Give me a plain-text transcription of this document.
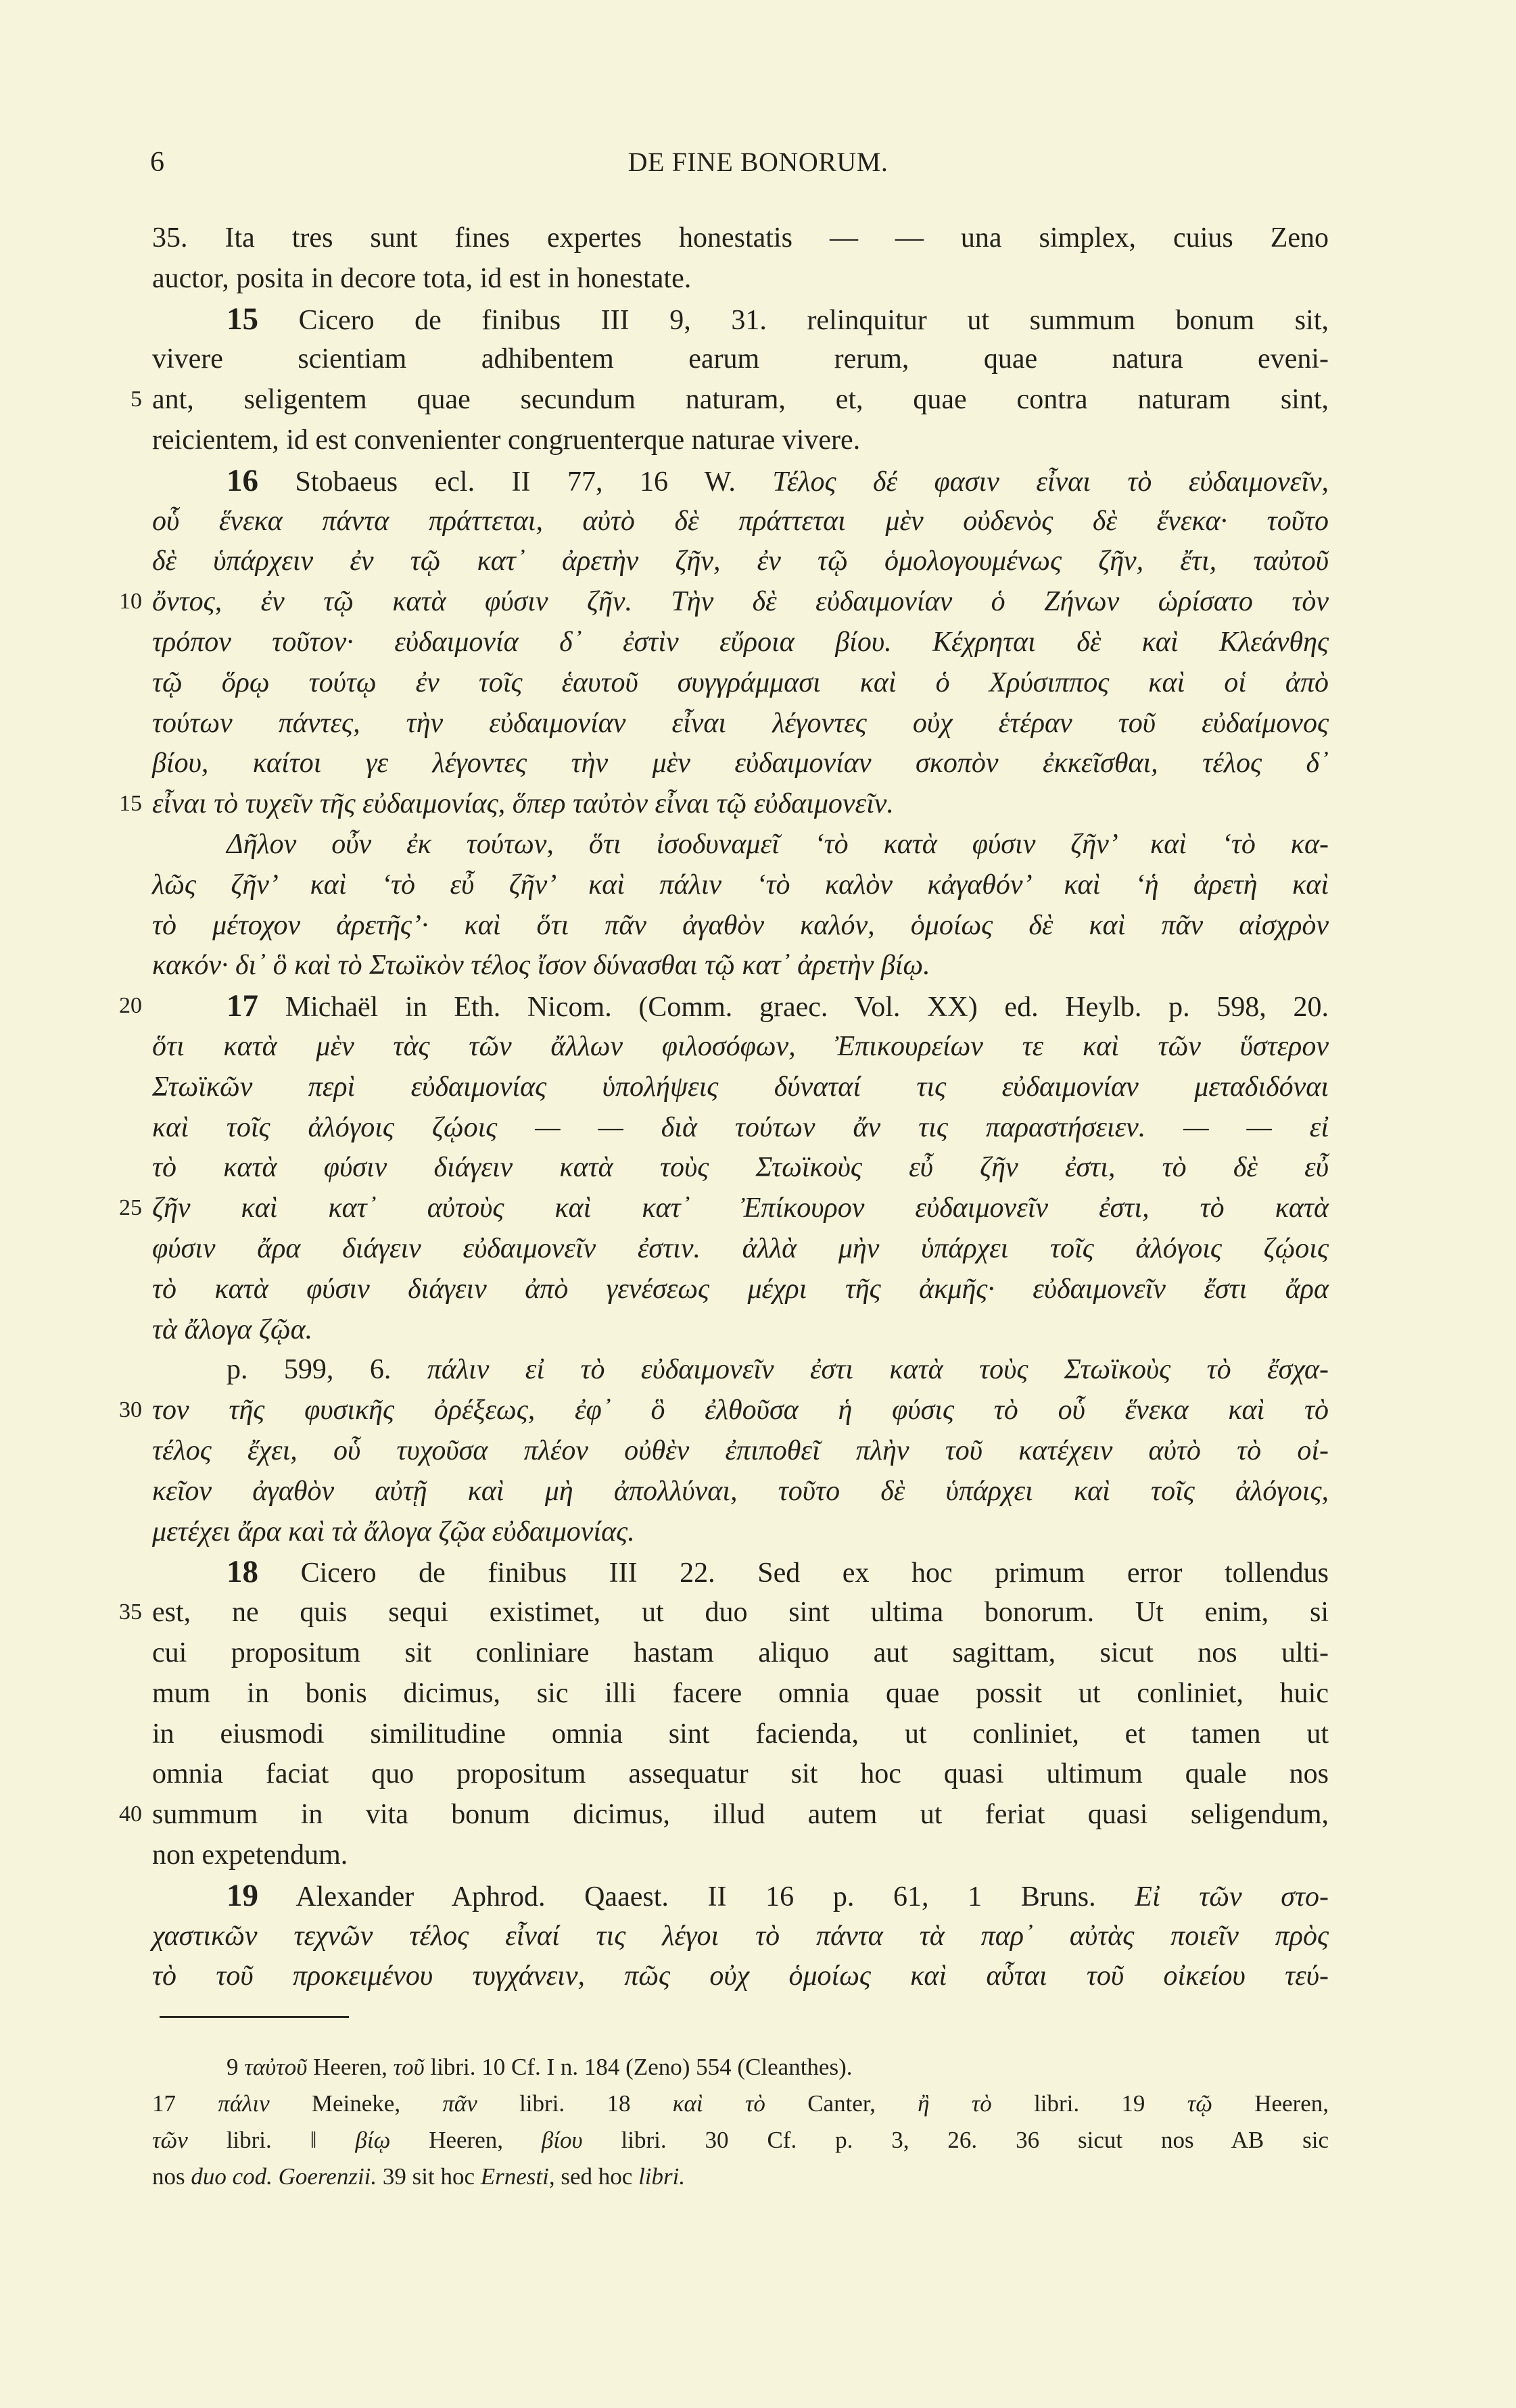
6	DE FINE BONORUM.
35. Ita tres sunt fines expertes honestatis — — una simplex, cuius Zeno
auctor, posita in decore tota, id est in honestate.
15 Cicero de finibus III 9, 31. relinquitur ut summum bonum sit,
vivere scientiam adhibentem earum rerum, quae natura eveni-
ant, seligentem quae secundum naturam, et, quae contra naturam sint,
5
reicientem, id est convenienter congruenterque naturae vivere.
16 Stobaeus ecl. II 77, 16 W. Τέλος δέ φασιν εἶναι τὸ εὐδαιμονεῖν,
οὗ ἕνεκα πάντα πράττεται, αὐτὸ δὲ πράττεται μὲν οὐδενὸς δὲ ἕνεκα· τοῦτο
δὲ ὑπάρχειν ἐν τῷ κατ᾽ ἀρετὴν ζῆν, ἐν τῷ ὁμολογουμένως ζῆν, ἔτι, ταὐτοῦ
ὄντος, ἐν τῷ κατὰ φύσιν ζῆν. Τὴν δὲ εὐδαιμονίαν ὁ Ζήνων ὡρίσατο τὸν
10
τρόπον τοῦτον· εὐδαιμονία δ᾽ ἐστὶν εὔροια βίου. Κέχρηται δὲ καὶ Κλεάνθης
τῷ ὅρῳ τούτῳ ἐν τοῖς ἑαυτοῦ συγγράμμασι καὶ ὁ Χρύσιππος καὶ οἱ ἀπὸ
τούτων πάντες, τὴν εὐδαιμονίαν εἶναι λέγοντες οὐχ ἑτέραν τοῦ εὐδαίμονος
βίου, καίτοι γε λέγοντες τὴν μὲν εὐδαιμονίαν σκοπὸν ἐκκεῖσθαι, τέλος δ᾽
εἶναι τὸ τυχεῖν τῆς εὐδαιμονίας, ὅπερ ταὐτὸν εἶναι τῷ εὐδαιμονεῖν.
15
Δῆλον οὖν ἐκ τούτων, ὅτι ἰσοδυναμεῖ ‘τὸ κατὰ φύσιν ζῆν’ καὶ ‘τὸ κα-
λῶς ζῆν’ καὶ ‘τὸ εὖ ζῆν’ καὶ πάλιν ‘τὸ καλὸν κἀγαθόν’ καὶ ‘ἡ ἀρετὴ καὶ
τὸ μέτοχον ἀρετῆς’· καὶ ὅτι πᾶν ἀγαθὸν καλόν, ὁμοίως δὲ καὶ πᾶν αἰσχρὸν
κακόν· δι᾽ ὃ καὶ τὸ Στωϊκὸν τέλος ἴσον δύνασθαι τῷ κατ᾽ ἀρετὴν βίῳ.
17 Michaël in Eth. Nicom. (Comm. graec. Vol. XX) ed. Heylb. p. 598, 20.
20
ὅτι κατὰ μὲν τὰς τῶν ἄλλων φιλοσόφων, Ἐπικουρείων τε καὶ τῶν ὕστερον
Στωϊκῶν περὶ εὐδαιμονίας ὑπολήψεις δύναταί τις εὐδαιμονίαν μεταδιδόναι
καὶ τοῖς ἀλόγοις ζῴοις — — διὰ τούτων ἄν τις παραστήσειεν. — — εἰ
τὸ κατὰ φύσιν διάγειν κατὰ τοὺς Στωϊκοὺς εὖ ζῆν ἐστι, τὸ δὲ εὖ
ζῆν καὶ κατ᾽ αὐτοὺς καὶ κατ᾽ Ἐπίκουρον εὐδαιμονεῖν ἐστι, τὸ κατὰ
25
φύσιν ἄρα διάγειν εὐδαιμονεῖν ἐστιν. ἀλλὰ μὴν ὑπάρχει τοῖς ἀλόγοις ζῴοις
τὸ κατὰ φύσιν διάγειν ἀπὸ γενέσεως μέχρι τῆς ἀκμῆς· εὐδαιμονεῖν ἔστι ἄρα
τὰ ἄλογα ζῷα.
p. 599, 6. πάλιν εἰ τὸ εὐδαιμονεῖν ἐστι κατὰ τοὺς Στωϊκοὺς τὸ ἔσχα-
τον τῆς φυσικῆς ὀρέξεως, ἐφ᾽ ὃ ἐλθοῦσα ἡ φύσις τὸ οὗ ἕνεκα καὶ τὸ
30
τέλος ἔχει, οὗ τυχοῦσα πλέον οὐθὲν ἐπιποθεῖ πλὴν τοῦ κατέχειν αὐτὸ τὸ οἰ-
κεῖον ἀγαθὸν αὐτῇ καὶ μὴ ἀπολλύναι, τοῦτο δὲ ὑπάρχει καὶ τοῖς ἀλόγοις,
μετέχει ἄρα καὶ τὰ ἄλογα ζῷα εὐδαιμονίας.
18 Cicero de finibus III 22. Sed ex hoc primum error tollendus
est, ne quis sequi existimet, ut duo sint ultima bonorum. Ut enim, si
35
cui propositum sit conliniare hastam aliquo aut sagittam, sicut nos ulti-
mum in bonis dicimus, sic illi facere omnia quae possit ut conliniet, huic
in eiusmodi similitudine omnia sint facienda, ut conliniet, et tamen ut
omnia faciat quo propositum assequatur sit hoc quasi ultimum quale nos
summum in vita bonum dicimus, illud autem ut feriat quasi seligendum,
40
non expetendum.
19 Alexander Aphrod. Qaaest. II 16 p. 61, 1 Bruns. Εἰ τῶν στο-
χαστικῶν τεχνῶν τέλος εἶναί τις λέγοι τὸ πάντα τὰ παρ᾽ αὐτὰς ποιεῖν πρὸς
τὸ τοῦ προκειμένου τυγχάνειν, πῶς οὐχ ὁμοίως καὶ αὗται τοῦ οἰκείου τεύ-
9 ταὐτοῦ Heeren, τοῦ libri. 10 Cf. I n. 184 (Zeno) 554 (Cleanthes).
17 πάλιν Meineke, πᾶν libri. 18 καὶ τὸ Canter, ἢ τὸ libri. 19 τῷ Heeren,
τῶν libri. ‖ βίῳ Heeren, βίου libri. 30 Cf. p. 3, 26. 36 sicut nos AB sic
nos duo cod. Goerenzii. 39 sit hoc Ernesti, sed hoc libri.
